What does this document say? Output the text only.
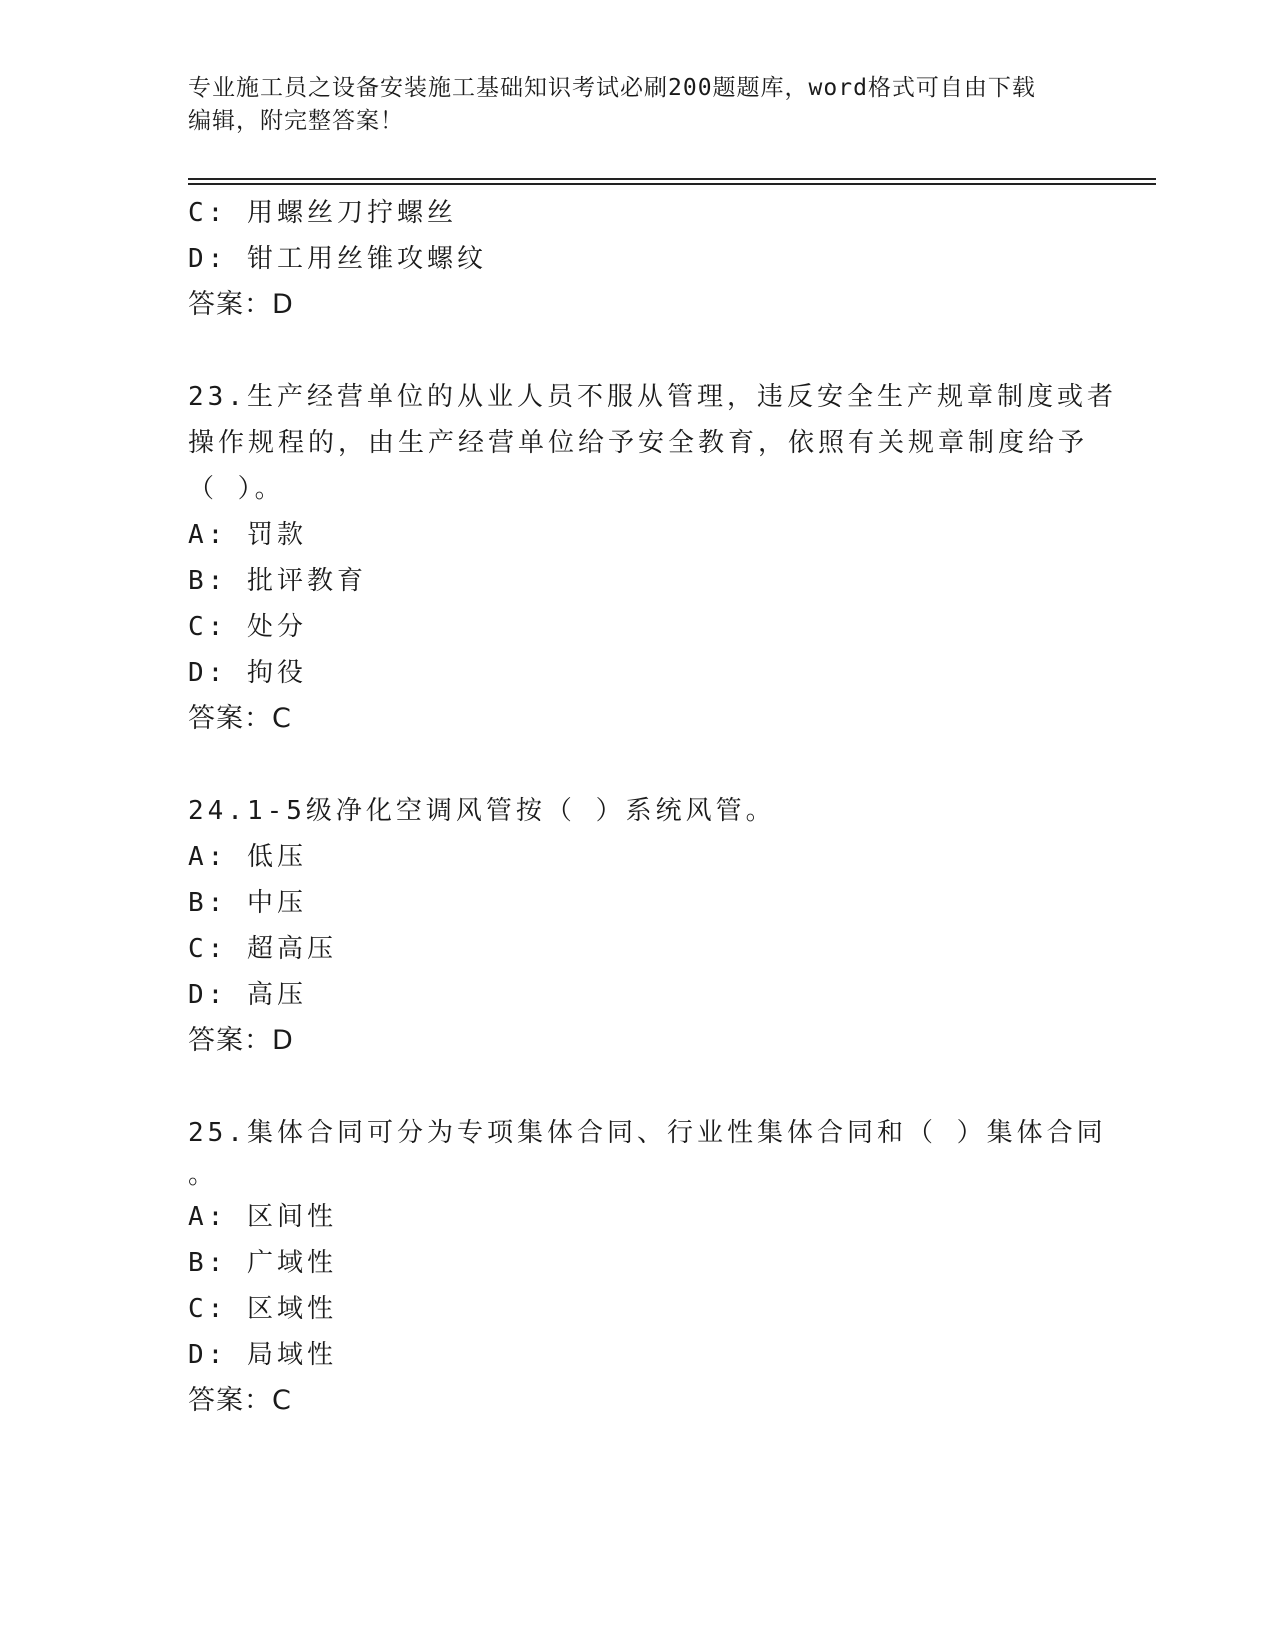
专业施工员之设备安装施工基础知识考试必刷200题题库，word格式可自由下载
编辑，附完整答案！
C: 用螺丝刀拧螺丝
D: 钳工用丝锥攻螺纹
答案：D
23.生产经营单位的从业人员不服从管理，违反安全生产规章制度或者
操作规程的，由生产经营单位给予安全教育，依照有关规章制度给予
（ ）。
A: 罚款
B: 批评教育
C: 处分
D: 拘役
答案：C
24.1-5级净化空调风管按（ ）系统风管。
A: 低压
B: 中压
C: 超高压
D: 高压
答案：D
25.集体合同可分为专项集体合同、行业性集体合同和（ ）集体合同
。
A: 区间性
B: 广域性
C: 区域性
D: 局域性
答案：C
